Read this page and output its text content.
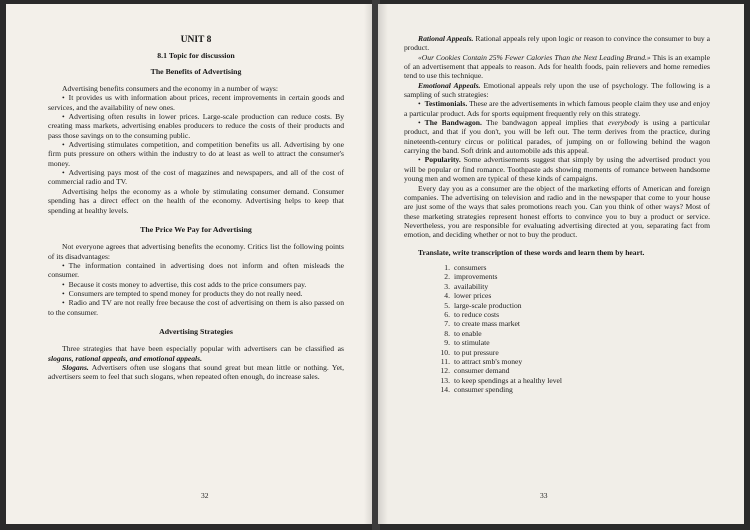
UNIT 8
8.1 Topic for discussion
The Benefits of Advertising

Advertising benefits consumers and the economy in a number of ways:

• It provides us with information about prices, recent improvements in certain goods and services, and the availability of new ones.

• Advertising often results in lower prices. Large-scale production can reduce costs. By creating mass markets, advertising enables producers to reduce the costs of their products and pass those savings on to the consuming public.

• Advertising stimulates competition, and competition benefits us all. Advertising by one firm puts pressure on others within the industry to do at least as well to attract the consumer's money.

• Advertising pays most of the cost of magazines and newspapers, and all of the cost of commercial radio and TV.

Advertising helps the economy as a whole by stimulating consumer demand. Consumer spending has a direct effect on the health of the economy. Advertising helps to keep that spending at healthy levels.

The Price We Pay for Advertising

Not everyone agrees that advertising benefits the economy. Critics list the following points of its disadvantages:

• The information contained in advertising does not inform and often misleads the consumer.

• Because it costs money to advertise, this cost adds to the price consumers pay.

• Consumers are tempted to spend money for products they do not really need.

• Radio and TV are not really free because the cost of advertising on them is also passed on to the consumer.

Advertising Strategies

Three strategies that have been especially popular with advertisers can be classified as slogans, rational appeals, and emotional appeals.

Slogans. Advertisers often use slogans that sound great but mean little or nothing. Yet, advertisers seem to feel that such slogans, when repeated often enough, do increase sales.

32

Rational Appeals. Rational appeals rely upon logic or reason to convince the consumer to buy a product.

«Our Cookies Contain 25% Fewer Calories Than the Next Leading Brand.» This is an example of an advertisement that appeals to reason. Ads for health foods, pain relievers and home remedies tend to use this technique.

Emotional Appeals. Emotional appeals rely upon the use of psychology. The following is a sampling of such strategies:

• Testimonials. These are the advertisements in which famous people claim they use and enjoy a particular product. Ads for sports equipment frequently rely on this strategy.

• The Bandwagon. The bandwagon appeal implies that everybody is using a particular product, and that if you don't, you will be left out. The term derives from the practice, during nineteenth-century circus or political parades, of jumping on or following behind the wagon carrying the band. Soft drink and automobile ads this appeal.

• Popularity. Some advertisements suggest that simply by using the advertised product you will be popular or find romance. Toothpaste ads showing moments of romance between handsome young men and women are typical of these kinds of campaigns.

Every day you as a consumer are the object of the marketing efforts of American and foreign companies. The advertising on television and radio and in the newspaper that come to your house are just some of the ways that sales promotions reach you. Can you think of other ways? Most of these marketing strategies represent honest efforts to convince you to buy a product or service. Nevertheless, you are responsible for evaluating advertising directed at you, separating fact from emotion, and deciding whether or not to buy the product.

Translate, write transcription of these words and learn them by heart.

1. consumers
2. improvements
3. availability
4. lower prices
5. large-scale production
6. to reduce costs
7. to create mass market
8. to enable
9. to stimulate
10. to put pressure
11. to attract smb's money
12. consumer demand
13. to keep spendings at a healthy level
14. consumer spending
33
